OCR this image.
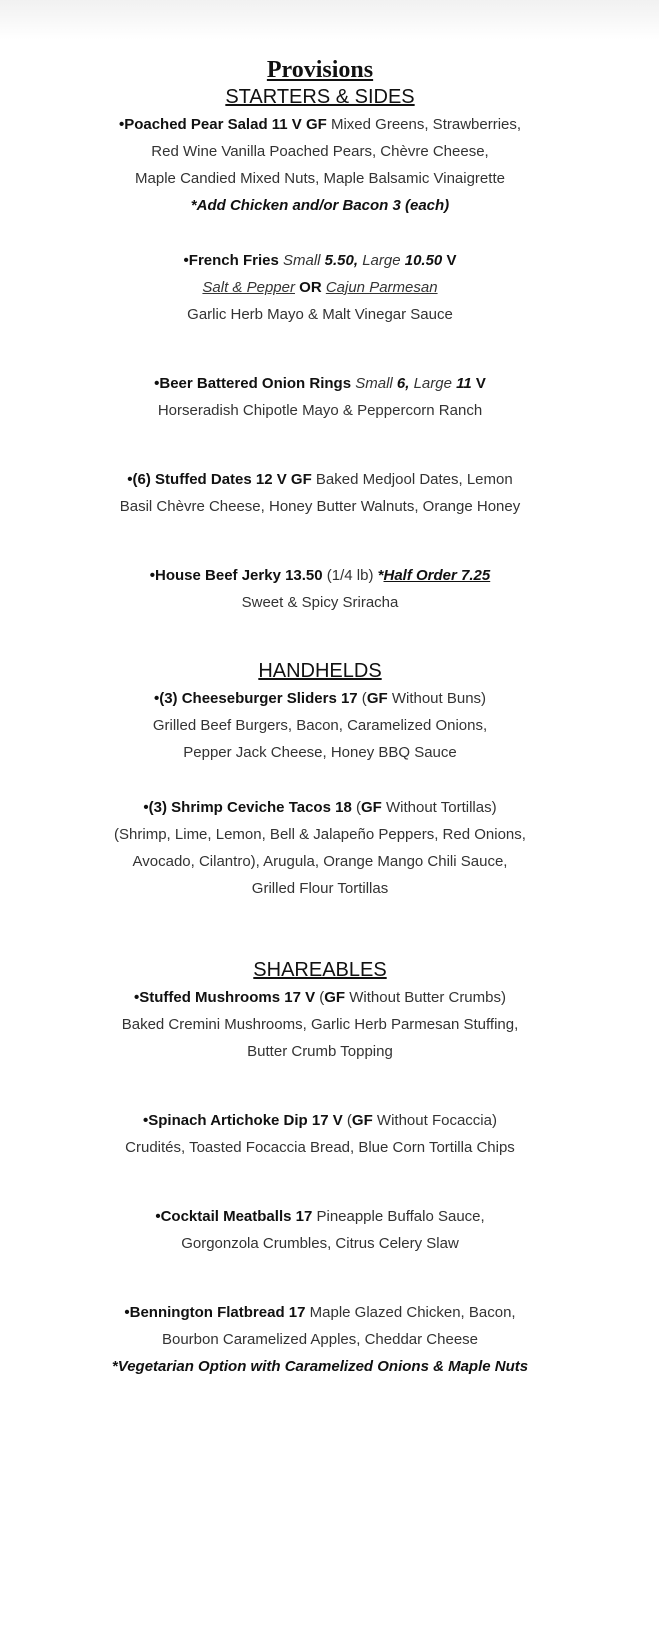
Provisions
STARTERS & SIDES
•Poached Pear Salad 11 V GF Mixed Greens, Strawberries,
Red Wine Vanilla Poached Pears, Chèvre Cheese,
Maple Candied Mixed Nuts, Maple Balsamic Vinaigrette
*Add Chicken and/or Bacon 3 (each)
•French Fries Small 5.50, Large 10.50 V
Salt & Pepper OR Cajun Parmesan
Garlic Herb Mayo & Malt Vinegar Sauce
•Beer Battered Onion Rings Small 6, Large 11 V
Horseradish Chipotle Mayo & Peppercorn Ranch
•(6) Stuffed Dates 12 V GF Baked Medjool Dates, Lemon
Basil Chèvre Cheese, Honey Butter Walnuts, Orange Honey
•House Beef Jerky 13.50 (1/4 lb) *Half Order 7.25
Sweet & Spicy Sriracha
HANDHELDS
•(3) Cheeseburger Sliders 17 (GF Without Buns)
Grilled Beef Burgers, Bacon, Caramelized Onions,
Pepper Jack Cheese, Honey BBQ Sauce
•(3) Shrimp Ceviche Tacos 18 (GF Without Tortillas)
(Shrimp, Lime, Lemon, Bell & Jalapeño Peppers, Red Onions,
Avocado, Cilantro), Arugula, Orange Mango Chili Sauce,
Grilled Flour Tortillas
SHAREABLES
•Stuffed Mushrooms 17 V (GF Without Butter Crumbs)
Baked Cremini Mushrooms, Garlic Herb Parmesan Stuffing,
Butter Crumb Topping
•Spinach Artichoke Dip 17 V (GF Without Focaccia)
Crudités, Toasted Focaccia Bread, Blue Corn Tortilla Chips
•Cocktail Meatballs 17 Pineapple Buffalo Sauce,
Gorgonzola Crumbles, Citrus Celery Slaw
•Bennington Flatbread 17 Maple Glazed Chicken, Bacon,
Bourbon Caramelized Apples, Cheddar Cheese
*Vegetarian Option with Caramelized Onions & Maple Nuts
